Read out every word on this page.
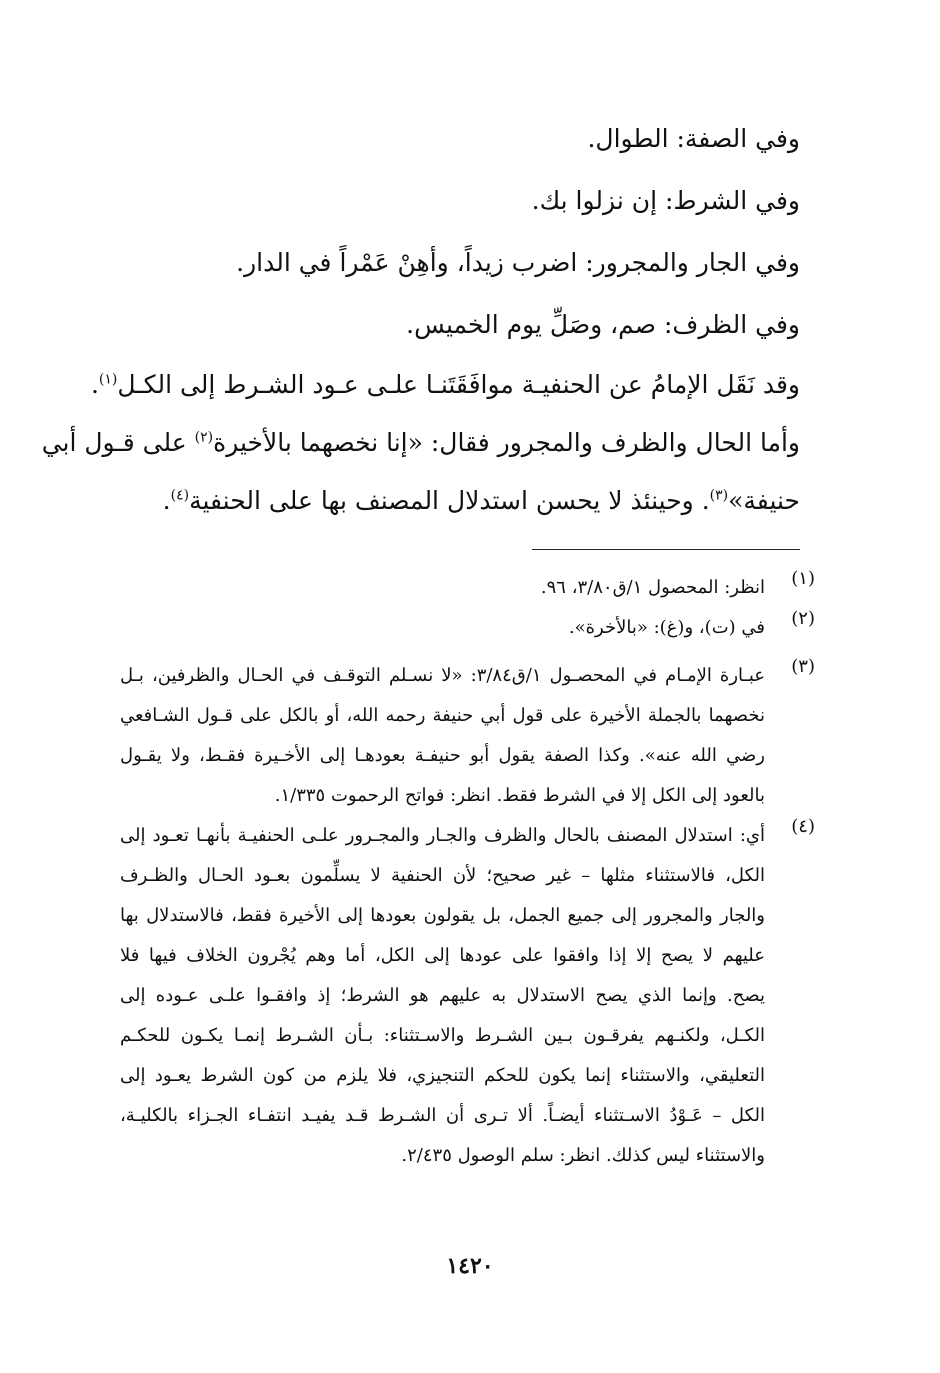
وفي الصفة: الطوال.
وفي الشرط: إن نزلوا بك.
وفي الجار والمجرور: اضرب زيداً، وأهِنْ عَمْراً في الدار.
وفي الظرف: صم، وصَلِّ يوم الخميس.
وقد نَقَل الإمامُ عن الحنفيـة موافَقَتَنـا علـى عـود الشـرط إلى الكـل$^{(١)}$.
وأما الحال والظرف والمجرور فقال: «إنا نخصهما بالأخيرة$^{(٢)}$ على قـول أبي
حنيفة»$^{(٣)}$. وحينئذ لا يحسن استدلال المصنف بها على الحنفية$^{(٤)}$.
(١)
انظر: المحصول ١/ق٣/٨٠، ٩٦.
(٢)
في (ت)، و(غ): «بالأخرة».
(٣)
عبـارة الإمـام في المحصـول ١/ق٣/٨٤: «لا نسـلم التوقـف في الحـال والظرفين، بـل
نخصهما بالجملة الأخيرة على قول أبي حنيفة رحمه الله، أو بالكل على قـول الشـافعي
رضي الله عنه». وكذا الصفة يقول أبو حنيفـة بعودهـا إلى الأخـيرة فقـط، ولا يقـول
بالعود إلى الكل إلا في الشرط فقط. انظر: فواتح الرحموت ١/٣٣٥.
(٤)
أي: استدلال المصنف بالحال والظرف والجـار والمجـرور علـى الحنفيـة بأنهـا تعـود إلى
الكل، فالاستثناء مثلها – غير صحيح؛ لأن الحنفية لا يسلِّمون بعـود الحـال والظـرف
والجار والمجرور إلى جميع الجمل، بل يقولون بعودها إلى الأخيرة فقط، فالاستدلال بها
عليهم لا يصح إلا إذا وافقوا على عودها إلى الكل، أما وهم يُجْرون الخلاف فيها فلا
يصح. وإنما الذي يصح الاستدلال به عليهم هو الشرط؛ إذ وافقـوا علـى عـوده إلى
الكـل، ولكنـهم يفرقـون بـين الشـرط والاسـتثناء: بـأن الشـرط إنمـا يكـون للحكـم
التعليقي، والاستثناء إنما يكون للحكم التنجيزي، فلا يلزم من كون الشرط يعـود إلى
الكل – عَـوْدُ الاسـتثناء أيضـاً. ألا تـرى أن الشـرط قـد يفيـد انتفـاء الجـزاء بالكليـة،
والاستثناء ليس كذلك. انظر: سلم الوصول ٢/٤٣٥.
١٤٢٠
